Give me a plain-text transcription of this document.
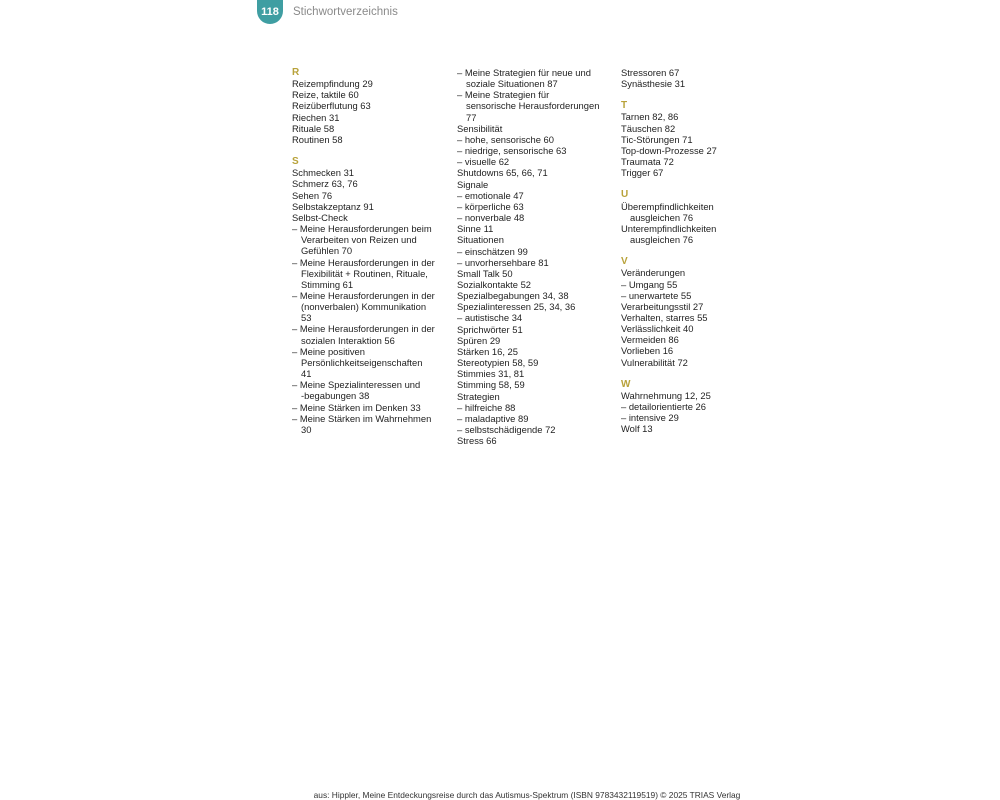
118	Stichwortverzeichnis
R
Reizempfindung 29
Reize, taktile 60
Reizüberflutung 63
Riechen 31
Rituale 58
Routinen 58
S
Schmecken 31
Schmerz 63, 76
Sehen 76
Selbstakzeptanz 91
Selbst-Check
– Meine Herausforderungen beim
Verarbeiten von Reizen und
Gefühlen 70
– Meine Herausforderungen in der
Flexibilität + Routinen, Rituale,
Stimming 61
– Meine Herausforderungen in der
(nonverbalen) Kommunikation
53
– Meine Herausforderungen in der
sozialen Interaktion 56
– Meine positiven
Persönlichkeitseigenschaften
41
– Meine Spezialinteressen und
-begabungen 38
– Meine Stärken im Denken 33
– Meine Stärken im Wahrnehmen
30
– Meine Strategien für neue und
soziale Situationen 87
– Meine Strategien für
sensorische Herausforderungen
77
Sensibilität
– hohe, sensorische 60
– niedrige, sensorische 63
– visuelle 62
Shutdowns 65, 66, 71
Signale
– emotionale 47
– körperliche 63
– nonverbale 48
Sinne 11
Situationen
– einschätzen 99
– unvorhersehbare 81
Small Talk 50
Sozialkontakte 52
Spezialbegabungen 34, 38
Spezialinteressen 25, 34, 36
– autistische 34
Sprichwörter 51
Spüren 29
Stärken 16, 25
Stereotypien 58, 59
Stimmies 31, 81
Stimming 58, 59
Strategien
– hilfreiche 88
– maladaptive 89
– selbstschädigende 72
Stress 66
Stressoren 67
Synästhesie 31
T
Tarnen 82, 86
Täuschen 82
Tic-Störungen 71
Top-down-Prozesse 27
Traumata 72
Trigger 67
U
Überempfindlichkeiten
ausgleichen 76
Unterempfindlichkeiten
ausgleichen 76
V
Veränderungen
– Umgang 55
– unerwartete 55
Verarbeitungsstil 27
Verhalten, starres 55
Verlässlichkeit 40
Vermeiden 86
Vorlieben 16
Vulnerabilität 72
W
Wahrnehmung 12, 25
– detailorientierte 26
– intensive 29
Wolf 13
aus: Hippler, Meine Entdeckungsreise durch das Autismus-Spektrum (ISBN 9783432119519) © 2025 TRIAS Verlag
